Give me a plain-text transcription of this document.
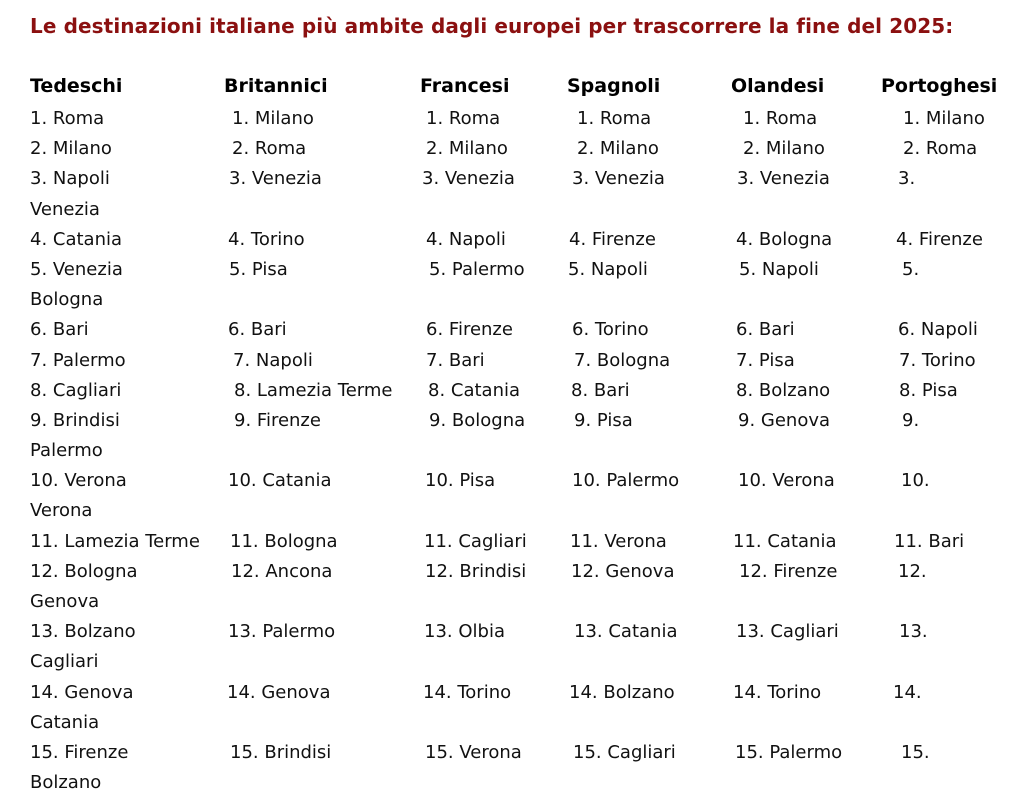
Le destinazioni italiane più ambite dagli europei per trascorrere la fine del 2025:
Tedeschi	Britannici	Francesi	Spagnoli	Olandesi	Portoghesi
1. Roma	1. Milano	1. Roma	1. Roma	1. Roma	1. Milano
2. Milano	2. Roma	2. Milano	2. Milano	2. Milano	2. Roma
3. Napoli	3. Venezia	3. Venezia	3. Venezia	3. Venezia	3.
Venezia
4. Catania	4. Torino	4. Napoli	4. Firenze	4. Bologna	4. Firenze
5. Venezia	5. Pisa	5. Palermo 5. Napoli	5. Napoli	5.
Bologna
6. Bari	6. Bari	6. Firenze	6. Torino	6. Bari	6. Napoli
7. Palermo	7. Napoli	7. Bari	7. Bologna	7. Pisa	7. Torino
8. Cagliari	8. Lamezia Terme 8. Catania	8. Bari	8. Bolzano	8. Pisa
9. Brindisi	9. Firenze	9. Bologna	9. Pisa	9. Genova	9.
Palermo
10. Verona	10. Catania	10. Pisa	10. Palermo	10. Verona	10.
Verona
11. Lamezia Terme 11. Bologna	11. Cagliari 11. Verona	11. Catania	11. Bari
12. Bologna	12. Ancona	12. Brindisi 12. Genova	12. Firenze	12.
Genova
13. Bolzano	13. Palermo	13. Olbia	13. Catania	13. Cagliari	13.
Cagliari
14. Genova	14. Genova	14. Torino	14. Bolzano	14. Torino	14.
Catania
15. Firenze	15. Brindisi	15. Verona	15. Cagliari	15. Palermo	15.
Bolzano
